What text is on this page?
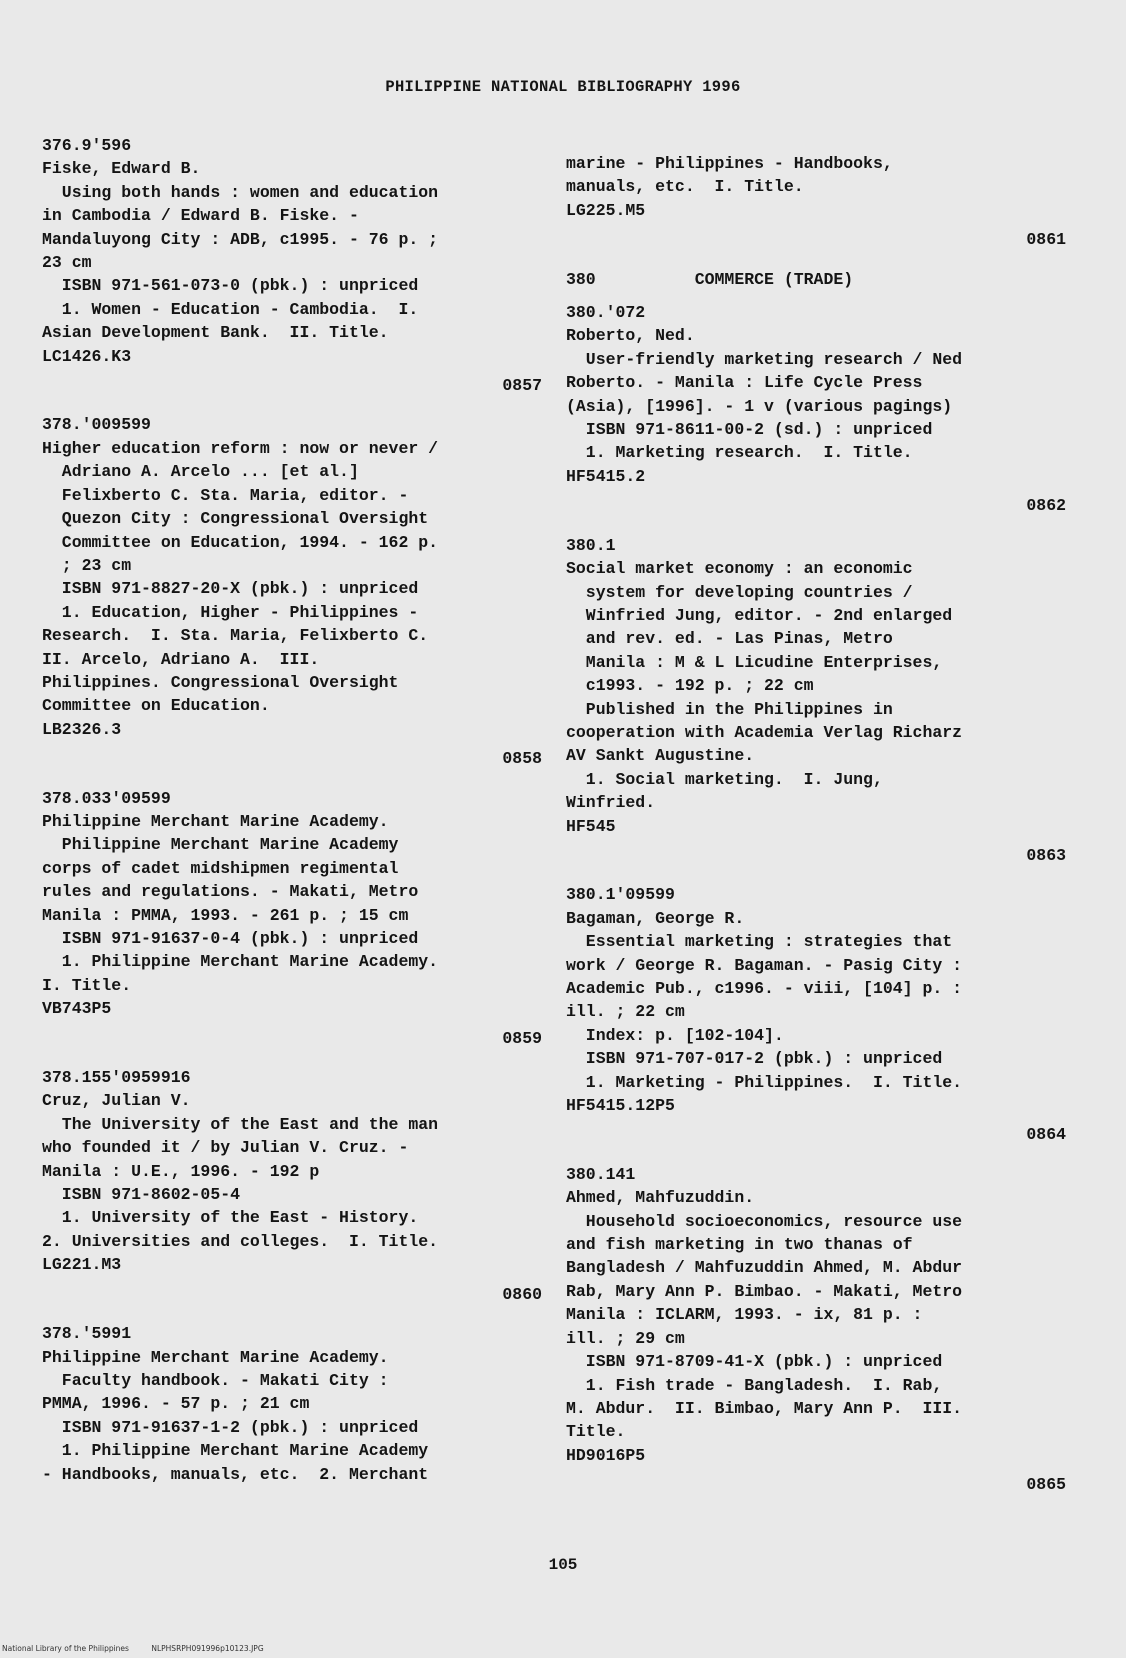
PHILIPPINE NATIONAL BIBLIOGRAPHY 1996
376.9'596
Fiske, Edward B.
Using both hands : women and education
in Cambodia / Edward B. Fiske. -
Mandaluyong City : ADB, c1995. - 76 p. ;
23 cm
ISBN 971-561-073-0 (pbk.) : unpriced
1. Women - Education - Cambodia.  I.
Asian Development Bank.  II. Title.
LC1426.K3
0857
378.'009599
Higher education reform : now or never /
Adriano A. Arcelo ... [et al.]
Felixberto C. Sta. Maria, editor. -
Quezon City : Congressional Oversight
Committee on Education, 1994. - 162 p.
; 23 cm
ISBN 971-8827-20-X (pbk.) : unpriced
1. Education, Higher - Philippines -
Research.  I. Sta. Maria, Felixberto C.
II. Arcelo, Adriano A.  III.
Philippines. Congressional Oversight
Committee on Education.
LB2326.3
0858
378.033'09599
Philippine Merchant Marine Academy.
Philippine Merchant Marine Academy
corps of cadet midshipmen regimental
rules and regulations. - Makati, Metro
Manila : PMMA, 1993. - 261 p. ; 15 cm
ISBN 971-91637-0-4 (pbk.) : unpriced
1. Philippine Merchant Marine Academy.
I. Title.
VB743P5
0859
378.155'0959916
Cruz, Julian V.
The University of the East and the man
who founded it / by Julian V. Cruz. -
Manila : U.E., 1996. - 192 p
ISBN 971-8602-05-4
1. University of the East - History.
2. Universities and colleges.  I. Title.
LG221.M3
0860
378.'5991
Philippine Merchant Marine Academy.
Faculty handbook. - Makati City :
PMMA, 1996. - 57 p. ; 21 cm
ISBN 971-91637-1-2 (pbk.) : unpriced
1. Philippine Merchant Marine Academy
- Handbooks, manuals, etc.  2. Merchant
marine - Philippines - Handbooks,
manuals, etc.  I. Title.
LG225.M5
0861
380          COMMERCE (TRADE)
380.'072
Roberto, Ned.
User-friendly marketing research / Ned
Roberto. - Manila : Life Cycle Press
(Asia), [1996]. - 1 v (various pagings)
ISBN 971-8611-00-2 (sd.) : unpriced
1. Marketing research.  I. Title.
HF5415.2
0862
380.1
Social market economy : an economic
system for developing countries /
Winfried Jung, editor. - 2nd enlarged
and rev. ed. - Las Pinas, Metro
Manila : M & L Licudine Enterprises,
c1993. - 192 p. ; 22 cm
Published in the Philippines in
cooperation with Academia Verlag Richarz
AV Sankt Augustine.
1. Social marketing.  I. Jung,
Winfried.
HF545
0863
380.1'09599
Bagaman, George R.
Essential marketing : strategies that
work / George R. Bagaman. - Pasig City :
Academic Pub., c1996. - viii, [104] p. :
ill. ; 22 cm
Index: p. [102-104].
ISBN 971-707-017-2 (pbk.) : unpriced
1. Marketing - Philippines.  I. Title.
HF5415.12P5
0864
380.141
Ahmed, Mahfuzuddin.
Household socioeconomics, resource use
and fish marketing in two thanas of
Bangladesh / Mahfuzuddin Ahmed, M. Abdur
Rab, Mary Ann P. Bimbao. - Makati, Metro
Manila : ICLARM, 1993. - ix, 81 p. :
ill. ; 29 cm
ISBN 971-8709-41-X (pbk.) : unpriced
1. Fish trade - Bangladesh.  I. Rab,
M. Abdur.  II. Bimbao, Mary Ann P.  III.
Title.
HD9016P5
0865
105
National Library of the Philippines	NLPHSRPH091996p10123.JPG
